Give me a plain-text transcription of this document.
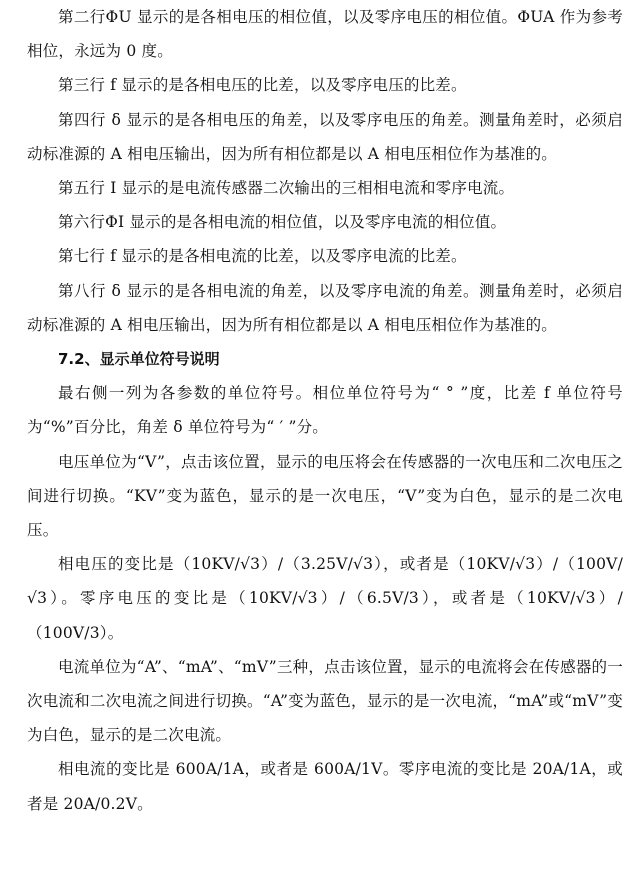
第二行ΦU 显示的是各相电压的相位值，以及零序电压的相位值。ΦUA 作为参考相位，永远为 0 度。

第三行 f 显示的是各相电压的比差，以及零序电压的比差。

第四行 δ 显示的是各相电压的角差，以及零序电压的角差。测量角差时，必须启动标准源的 A 相电压输出，因为所有相位都是以 A 相电压相位作为基准的。

第五行 I 显示的是电流传感器二次输出的三相相电流和零序电流。

第六行ΦI 显示的是各相电流的相位值，以及零序电流的相位值。

第七行 f 显示的是各相电流的比差，以及零序电流的比差。

第八行 δ 显示的是各相电流的角差，以及零序电流的角差。测量角差时，必须启动标准源的 A 相电压输出，因为所有相位都是以 A 相电压相位作为基准的。

7.2、显示单位符号说明

最右侧一列为各参数的单位符号。相位单位符号为“ ° ”度，比差 f 单位符号为“%”百分比，角差 δ 单位符号为“ ′ ”分。

电压单位为“V”，点击该位置，显示的电压将会在传感器的一次电压和二次电压之间进行切换。“KV”变为蓝色，显示的是一次电压，“V”变为白色，显示的是二次电压。

相电压的变比是（10KV/√3）/（3.25V/√3），或者是（10KV/√3）/（100V/√3）。零序电压的变比是（10KV/√3）/（6.5V/3），或者是（10KV/√3）/（100V/3）。

电流单位为“A”、“mA”、“mV”三种，点击该位置，显示的电流将会在传感器的一次电流和二次电流之间进行切换。“A”变为蓝色，显示的是一次电流，“mA”或“mV”变为白色，显示的是二次电流。

相电流的变比是 600A/1A，或者是 600A/1V。零序电流的变比是 20A/1A，或者是 20A/0.2V。
